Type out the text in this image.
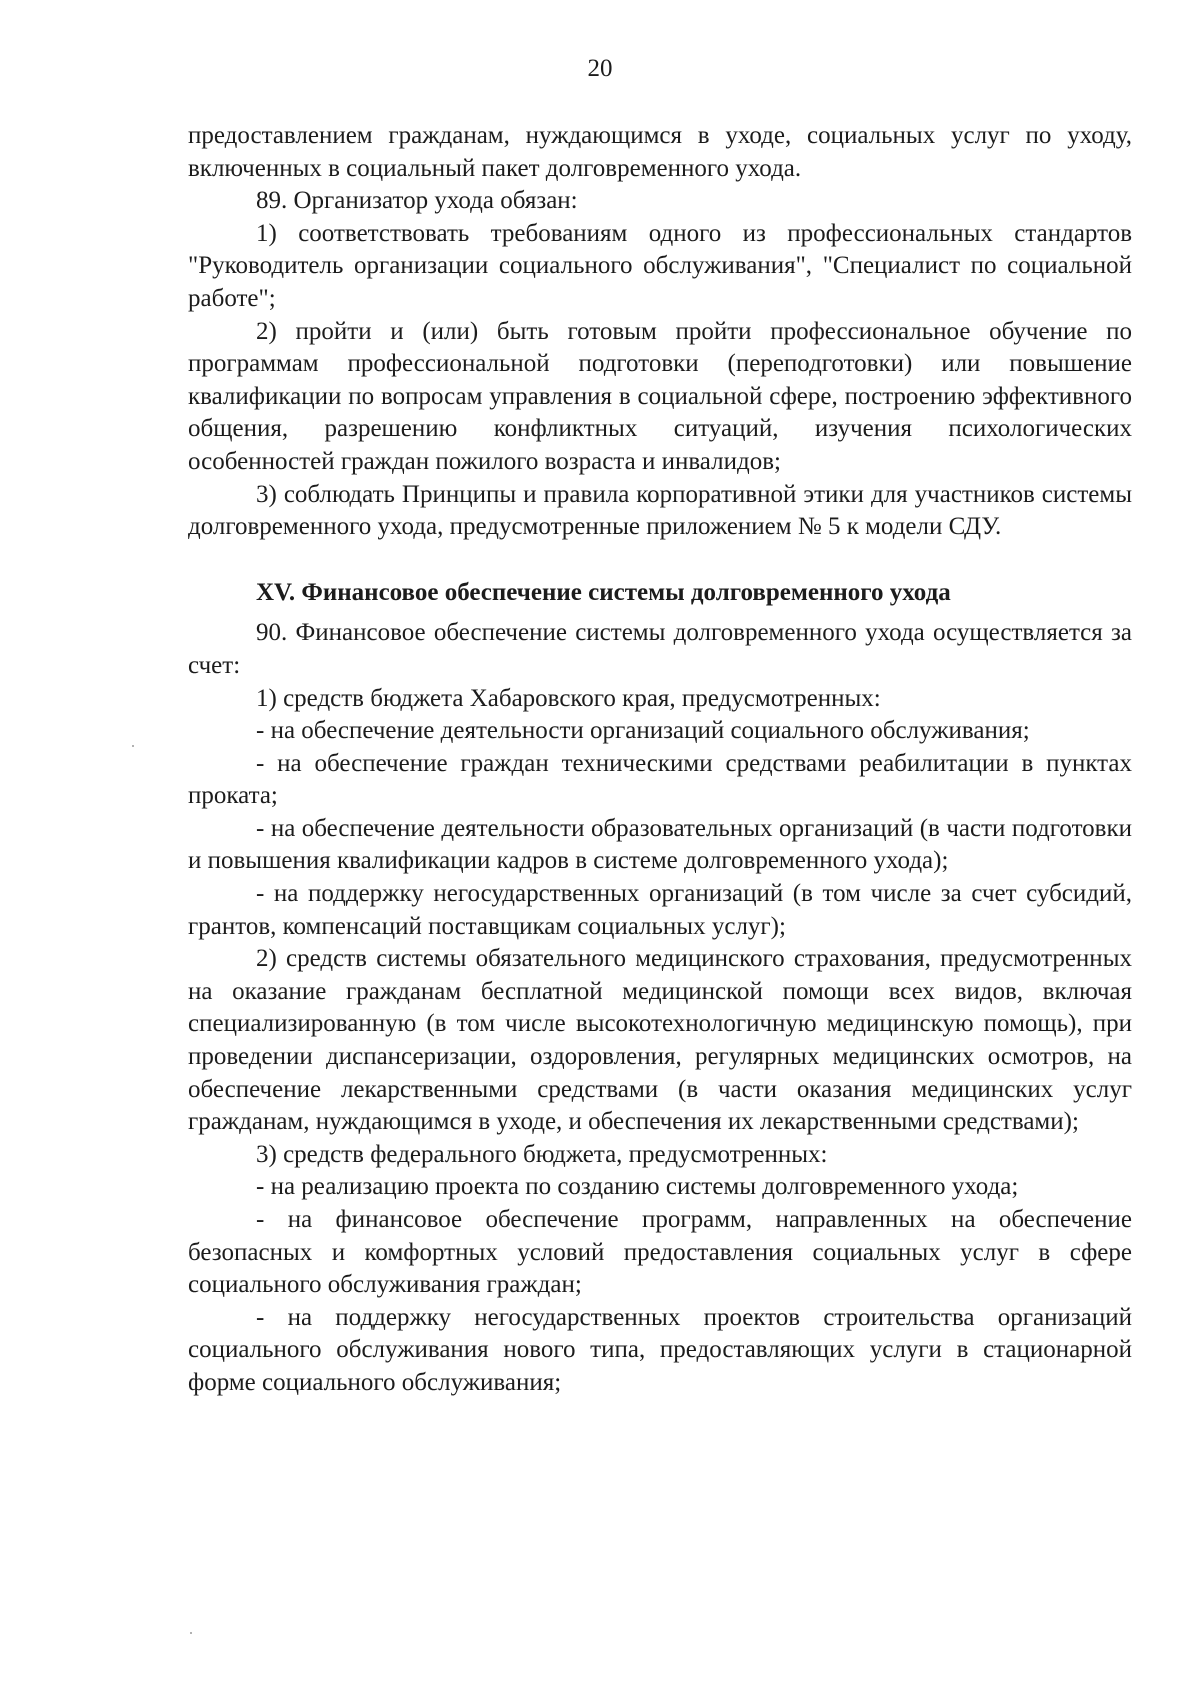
20

предоставлением гражданам, нуждающимся в уходе, социальных услуг по уходу, включенных в социальный пакет долговременного ухода.

89. Организатор ухода обязан:

1) соответствовать требованиям одного из профессиональных стандартов "Руководитель организации социального обслуживания", "Специалист по социальной работе";

2) пройти и (или) быть готовым пройти профессиональное обучение по программам профессиональной подготовки (переподготовки) или повышение квалификации по вопросам управления в социальной сфере, построению эффективного общения, разрешению конфликтных ситуаций, изучения психологических особенностей граждан пожилого возраста и инвалидов;

3) соблюдать Принципы и правила корпоративной этики для участников системы долговременного ухода, предусмотренные приложением № 5 к модели СДУ.

XV. Финансовое обеспечение системы долговременного ухода

90. Финансовое обеспечение системы долговременного ухода осуществляется за счет:

1) средств бюджета Хабаровского края, предусмотренных:

- на обеспечение деятельности организаций социального обслуживания;

- на обеспечение граждан техническими средствами реабилитации в пунктах проката;

- на обеспечение деятельности образовательных организаций (в части подготовки и повышения квалификации кадров в системе долговременного ухода);

- на поддержку негосударственных организаций (в том числе за счет субсидий, грантов, компенсаций поставщикам социальных услуг);

2) средств системы обязательного медицинского страхования, предусмотренных на оказание гражданам бесплатной медицинской помощи всех видов, включая специализированную (в том числе высокотехнологичную медицинскую помощь), при проведении диспансеризации, оздоровления, регулярных медицинских осмотров, на обеспечение лекарственными средствами (в части оказания медицинских услуг гражданам, нуждающимся в уходе, и обеспечения их лекарственными средствами);

3) средств федерального бюджета, предусмотренных:

- на реализацию проекта по созданию системы долговременного ухода;

- на финансовое обеспечение программ, направленных на обеспечение безопасных и комфортных условий предоставления социальных услуг в сфере социального обслуживания граждан;

- на поддержку негосударственных проектов строительства организаций социального обслуживания нового типа, предоставляющих услуги в стационарной форме социального обслуживания;
